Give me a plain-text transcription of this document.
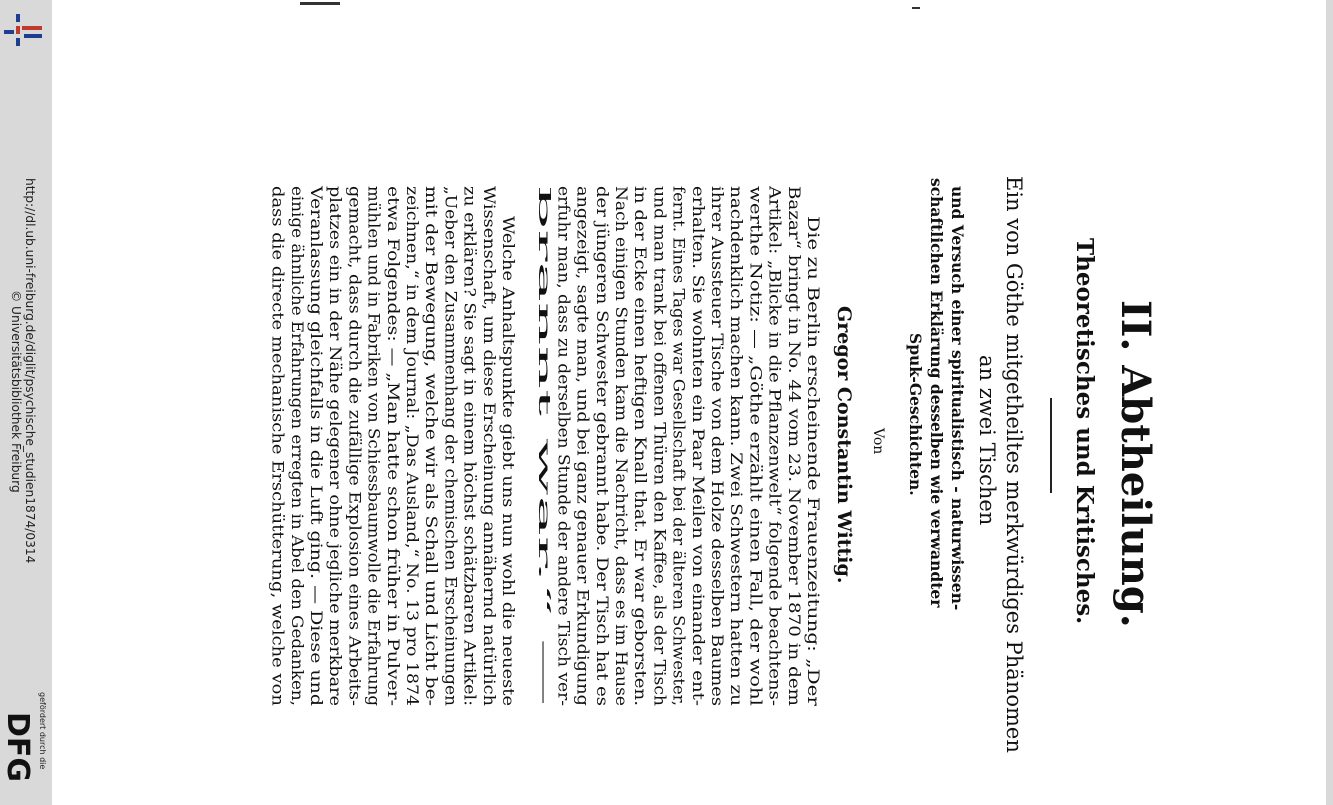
http://dl.ub.uni-freiburg.de/diglit/psychische_studien1874/0314
© Universitätsbibliothek Freiburg
gefördert durch die
DFG
II. Abtheilung.
Theoretisches und Kritisches.
Ein von Göthe mitgetheiltes merkwürdiges Phänomen
an zwei Tischen
und Versuch einer spiritualistisch - naturwissen-
schaftlichen Erklärung desselben wie verwandter
Spuk-Geschichten.
Von
Gregor Constantin Wittig.
Die zu Berlin erscheinende Frauenzeitung: „Der
Bazar“ bringt in No. 44 vom 23. November 1870 in dem
Artikel: „Blicke in die Pflanzenwelt“ folgende beachtens-
werthe Notiz: — „Göthe erzählt einen Fall, der wohl
nachdenklich machen kann. Zwei Schwestern hatten zu
ihrer Aussteuer Tische von dem Holze desselben Baumes
erhalten. Sie wohnten ein Paar Meilen von einander ent-
fernt. Eines Tages war Gesellschaft bei der älteren Schwester,
und man trank bei offenen Thüren den Kaffee, als der Tisch
in der Ecke einen heftigen Knall that. Er war geborsten.
Nach einigen Stunden kam die Nachricht, dass es im Hause
der jüngeren Schwester gebrannt habe. Der Tisch hat es
angezeigt, sagte man, und bei ganz genauer Erkundigung
erfuhr man, dass zu derselben Stunde der andere Tisch ver-
brannt war.“ —
Welche Anhaltspunkte giebt uns nun wohl die neueste
Wissenschaft, um diese Erscheinung annähernd natürlich
zu erklären? Sie sagt in einem höchst schätzbaren Artikel:
„Ueber den Zusammenhang der chemischen Erscheinungen
mit der Bewegung, welche wir als Schall und Licht be-
zeichnen,“ in dem Journal: „Das Ausland,“ No. 13 pro 1874
etwa Folgendes: — „Man hatte schon früher in Pulver-
mühlen und in Fabriken von Schiessbaumwolle die Erfahrung
gemacht, dass durch die zufällige Explosion eines Arbeits-
platzes ein in der Nähe gelegener ohne jegliche merkbare
Veranlassung gleichfalls in die Luft ging. — Diese und
einige ähnliche Erfahrungen erregten in Abel den Gedanken,
dass die directe mechanische Erschütterung, welche von
